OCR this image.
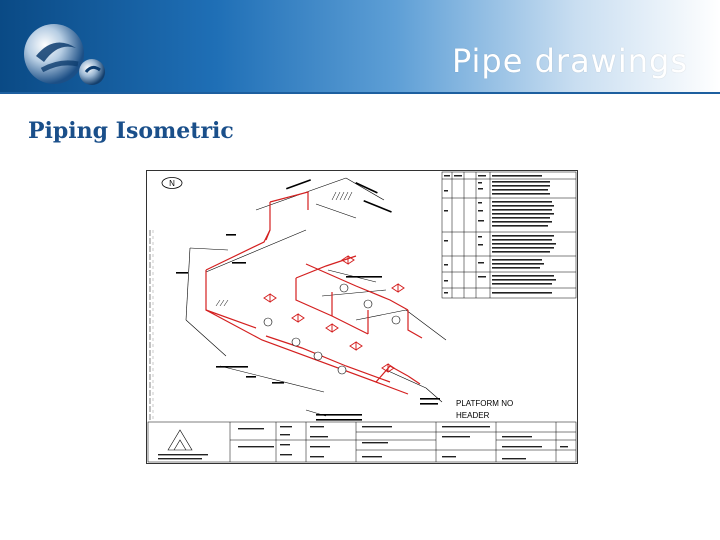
Pipe drawings
Piping Isometric
N
PLATFORM NO HEADER
